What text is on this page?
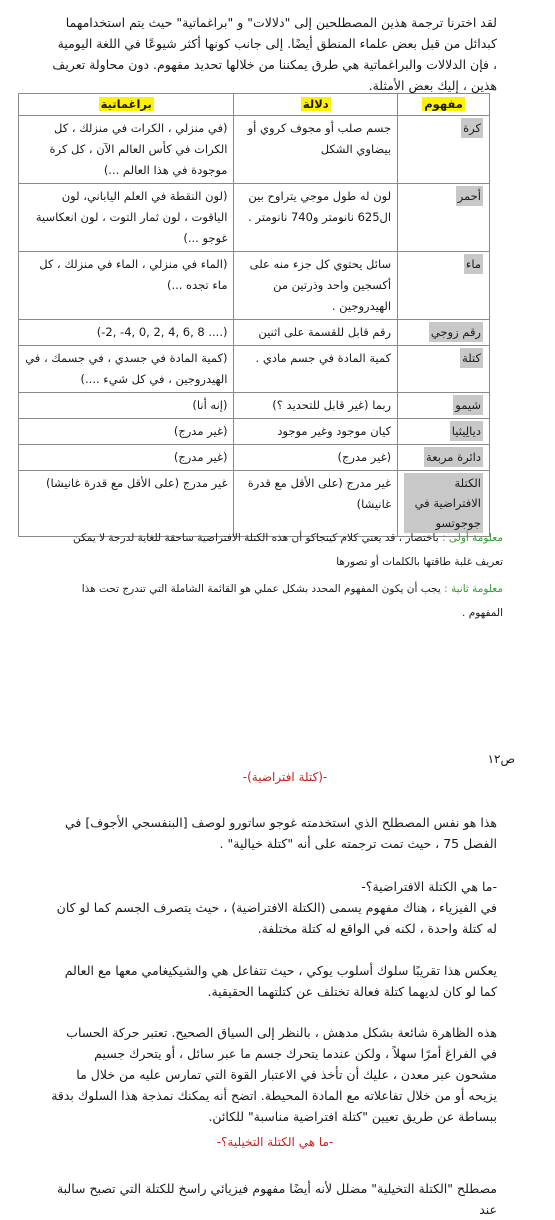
لقد اخترنا ترجمة هذين المصطلحين إلى "دلالات" و "براغماتية" حيث يتم استخدامهما كبدائل من قبل بعض علماء المنطق أيضًا. إلى جانب كونها أكثر شيوعًا في اللغة اليومية ، فإن الدلالات والبراغماتية هي طرق يمكننا من خلالها تحديد مفهوم. دون محاولة تعريف هذين ، إليك بعض الأمثلة.
مفهوم	دلالة	براغماتية
كرة	جسم صلب أو مجوف كروي أو بيضاوي الشكل	(في منزلي ، الكرات في منزلك ، كل الكرات في كأس العالم الآن ، كل كرة موجودة في هذا العالم ...)
أحمر	لون له طول موجي يتراوح بين ال625 نانومتر و740 نانومتر .	(لون النقطة في العلم الياباني، لون الياقوت ، لون ثمار التوت ، لون انعكاسية غوجو ...)
ماء	سائل يحتوي كل جزء منه على أكسجين واحد وذرتين من الهيدروجين .	(الماء في منزلي ، الماء في منزلك ، كل ماء تجده ...)
رقم زوجي	رقم قابل للقسمة على اثنين	(.... 8 ,6 ,4 ,2 ,0 ,4- ,2-)
كتلة	كمية المادة في جسم مادي .	(كمية المادة في جسدي ، في جسمك ، في الهيدروجين ، في كل شيء ....)
شيمو	ربما (غير قابل للتحديد ؟)	(إنه أنا)
ديالِيثيا	كيان موجود وغير موجود	(غير مدرج)
دائرة مربعة	(غير مدرج)	(غير مدرج)
الكتلة الافتراضية في جوجوتسو	غير مدرج (على الأقل مع قدرة غانيشا)	غير مدرج (على الأقل مع قدرة غانيشا)
معلومة أولى : باختصار ، قد يعني كلام كينجاكو أن هذه الكتلة الافتراضية ساحقة للغاية لدرجة لا يمكن تعريف غلبة طاقتها بالكلمات أو تصورها
معلومة ثانية : يجب أن يكون المفهوم المحدد بشكل عملي هو القائمة الشاملة التي تندرج تحت هذا المفهوم .
ص١٢
-(كتلة افتراضية)-
هذا هو نفس المصطلح الذي استخدمته غوجو ساتورو لوصف [البنفسجي الأجوف] في الفصل 75 ، حيث تمت ترجمته على أنه "كتلة خيالية" .
-ما هي الكتلة الافتراضية؟-
في الفيزياء ، هناك مفهوم يسمى (الكتلة الافتراضية) ، حيث يتصرف الجسم كما لو كان له كتلة واحدة ، لكنه في الواقع له كتلة مختلفة.
يعكس هذا تقريبًا سلوك أسلوب يوكي ، حيث تتفاعل هي والشيكيغامي معها مع العالم كما لو كان لديهما كتلة فعالة تختلف عن كتلتهما الحقيقية.
هذه الظاهرة شائعة بشكل مدهش ، بالنظر إلى السياق الصحيح. تعتبر حركة الحساب في الفراغ أمرًا سهلاً ، ولكن عندما يتحرك جسم ما عبر سائل ، أو يتحرك جسيم مشحون عبر معدن ، عليك أن تأخذ في الاعتبار القوة التي تمارس عليه من خلال ما يزيحه أو من خلال تفاعلاته مع المادة المحيطة. اتضح أنه يمكنك نمذجة هذا السلوك بدقة ببساطة عن طريق تعيين "كتلة افتراضية مناسبة" للكائن.
-ما هي الكتلة التخيلية؟-
مصطلح "الكتلة التخيلية" مضلل لأنه أيضًا مفهوم فيزيائي راسخ للكتلة التي تصبح سالبة عند
